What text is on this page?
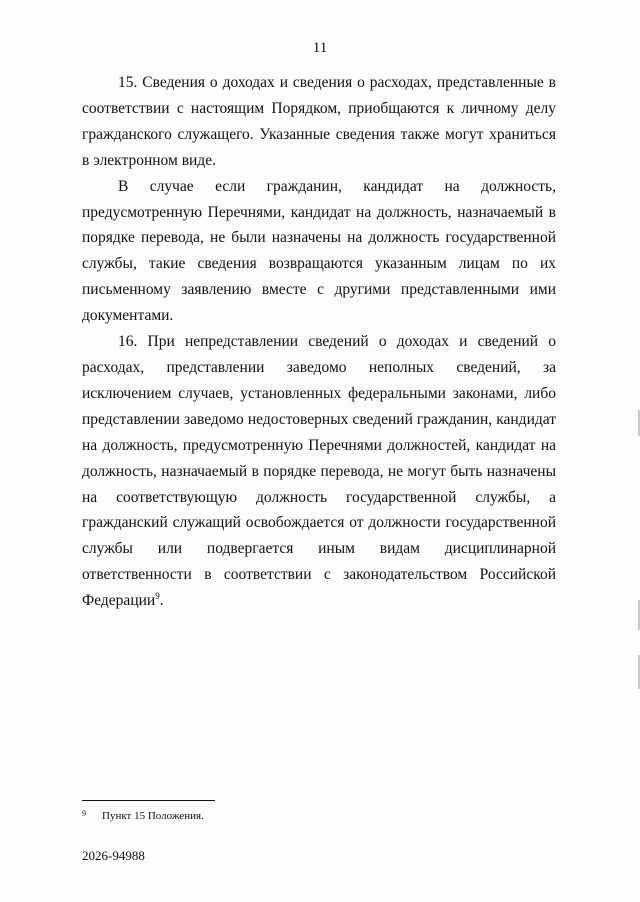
11

15. Сведения о доходах и сведения о расходах, представленные в соответствии с настоящим Порядком, приобщаются к личному делу гражданского служащего. Указанные сведения также могут храниться в электронном виде.

В случае если гражданин, кандидат на должность, предусмотренную Перечнями, кандидат на должность, назначаемый в порядке перевода, не были назначены на должность государственной службы, такие сведения возвращаются указанным лицам по их письменному заявлению вместе с другими представленными ими документами.

16. При непредставлении сведений о доходах и сведений о расходах, представлении заведомо неполных сведений, за исключением случаев, установленных федеральными законами, либо представлении заведомо недостоверных сведений гражданин, кандидат на должность, предусмотренную Перечнями должностей, кандидат на должность, назначаемый в порядке перевода, не могут быть назначены на соответствующую должность государственной службы, а гражданский служащий освобождается от должности государственной службы или подвергается иным видам дисциплинарной ответственности в соответствии с законодательством Российской Федерации$^9$.

9 Пункт 15 Положения.
2026-94988
